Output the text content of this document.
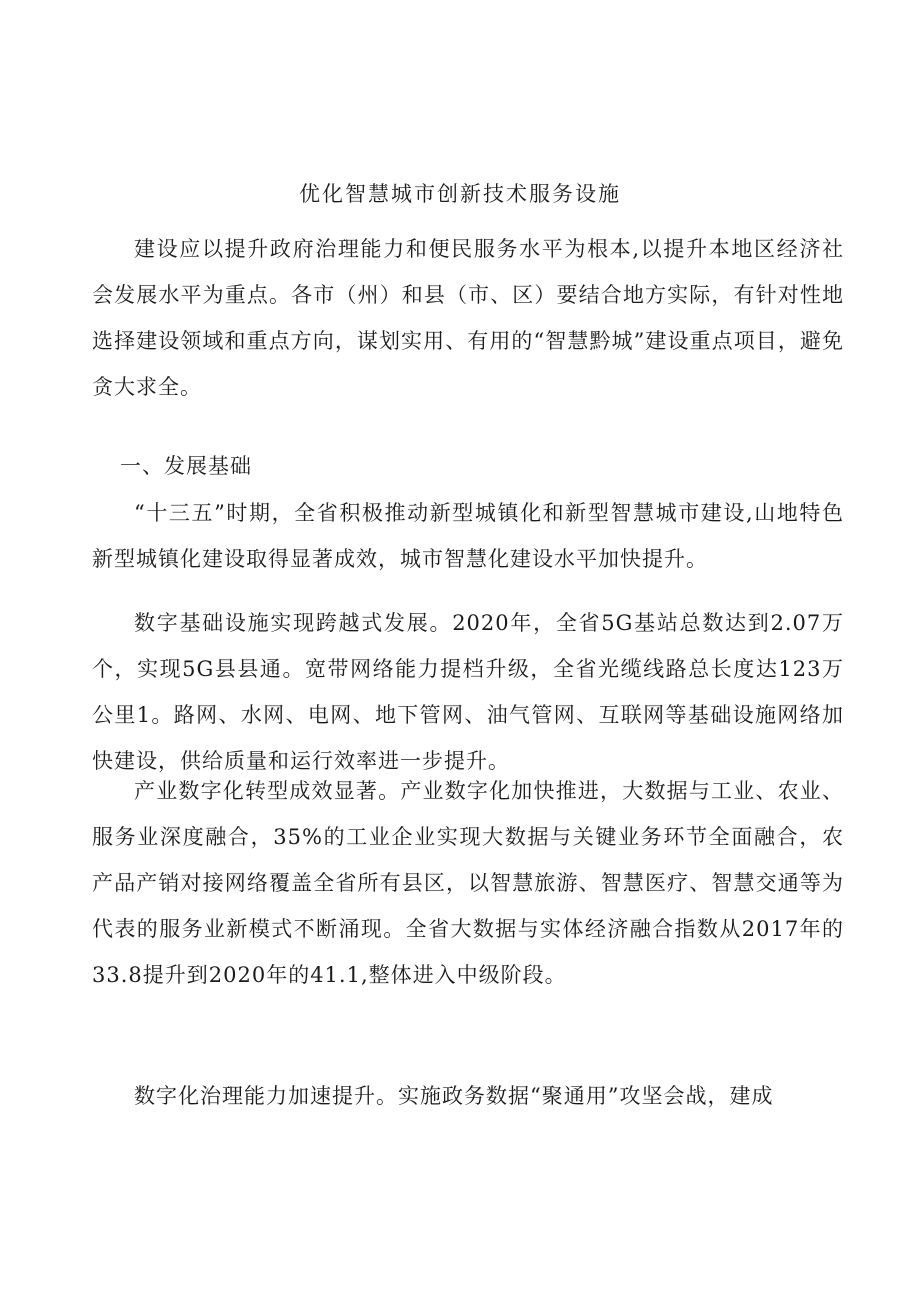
优化智慧城市创新技术服务设施

建设应以提升政府治理能力和便民服务水平为根本,以提升本地区经济社会发展水平为重点。各市（州）和县（市、区）要结合地方实际，有针对性地选择建设领域和重点方向，谋划实用、有用的“智慧黔城”建设重点项目，避免贪大求全。

一、发展基础

“十三五”时期，全省积极推动新型城镇化和新型智慧城市建设,山地特色新型城镇化建设取得显著成效，城市智慧化建设水平加快提升。

数字基础设施实现跨越式发展。2020年，全省5G基站总数达到2.07万个，实现5G县县通。宽带网络能力提档升级，全省光缆线路总长度达123万公里1。路网、水网、电网、地下管网、油气管网、互联网等基础设施网络加快建设，供给质量和运行效率进一步提升。

产业数字化转型成效显著。产业数字化加快推进，大数据与工业、农业、服务业深度融合，35%的工业企业实现大数据与关键业务环节全面融合，农产品产销对接网络覆盖全省所有县区，以智慧旅游、智慧医疗、智慧交通等为代表的服务业新模式不断涌现。全省大数据与实体经济融合指数从2017年的33.8提升到2020年的41.1,整体进入中级阶段。

数字化治理能力加速提升。实施政务数据“聚通用”攻坚会战，建成
